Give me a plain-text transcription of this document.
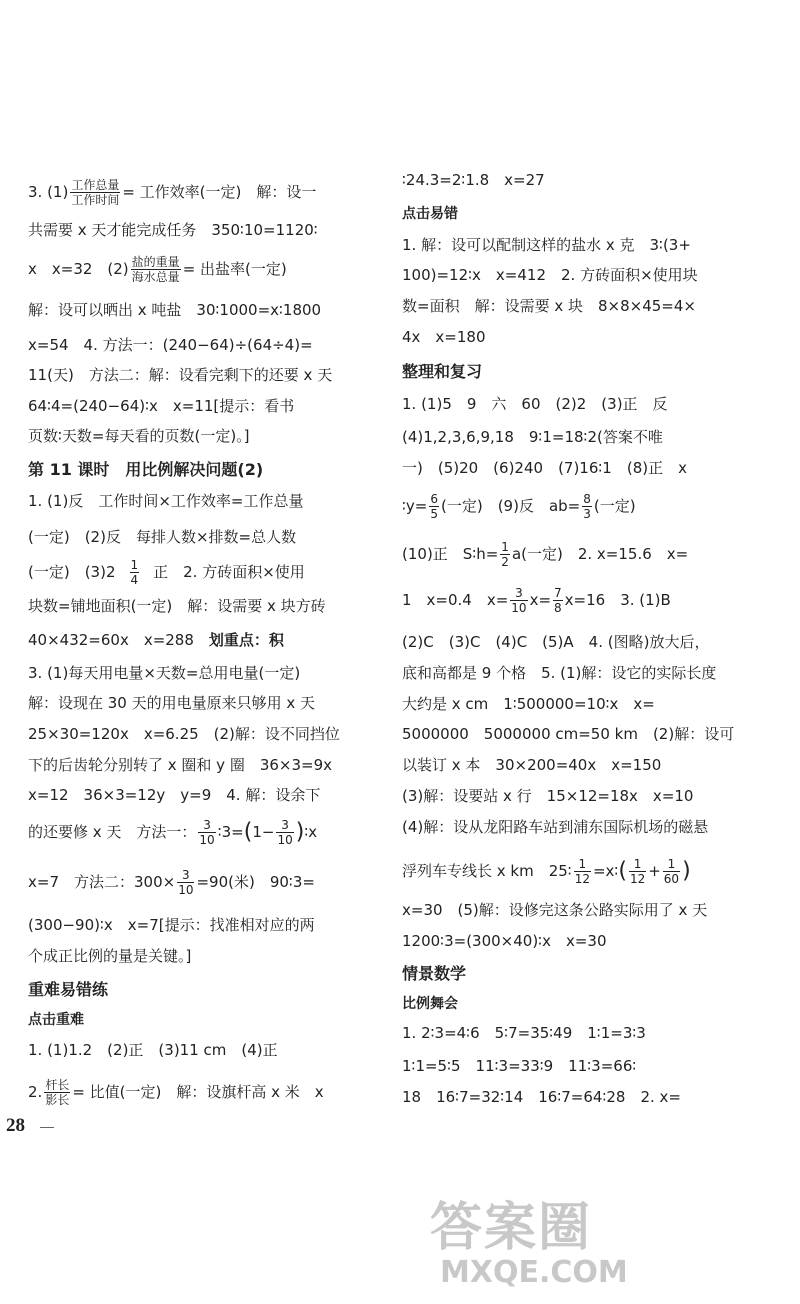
3. $(1) \frac{\text{工作总量}}{\text{工作时间}}$ = 工作效率(一定)　解：设一
共需要 x 天才能完成任务　350∶10=1120∶
x　x=32　$(2) \frac{\text{盐的重量}}{\text{海水总量}}$ = 出盐率(一定)
解：设可以晒出 x 吨盐　30∶1000=x∶1800
x=54　4. 方法一：(240−64)÷(64÷4)=
11(天)　方法二：解：设看完剩下的还要 x 天
64∶4=(240−64)∶x　x=11[提示：看书
页数∶天数=每天看的页数(一定)。]
第 11 课时　用比例解决问题(2)
1. (1)反　工作时间×工作效率=工作总量
(一定)　(2)反　每排人数×排数=总人数
(一定)　$(3)2 \frac{1}{4}$ 正　2. 方砖面积×使用
块数=铺地面积(一定)　解：设需要 x 块方砖
40×432=60x　x=288　划重点：积
3. (1)每天用电量×天数=总用电量(一定)
解：设现在 30 天的用电量原来只够用 x 天
25×30=120x　x=6.25　(2)解：设不同挡位
下的后齿轮分别转了 x 圈和 y 圈　36×3=9x
x=12　36×3=12y　y=9　4. 解：设余下
的还要修 x 天　方法一： $\frac{3}{10}$ ∶3=(1− $\frac{3}{10}$ )∶x
x=7　方法二：$300\times \frac{3}{10} =90$(米)　90∶3=
(300−90)∶x　x=7[提示：找准相对应的两
个成正比例的量是关键。]
重难易错练
点击重难
1. (1)1.2　(2)正　(3)11 cm　(4)正
2. $\frac{\text{杆长}}{\text{影长}}$ = 比值(一定)　解：设旗杆高 x 米　x
∶24.3=2∶1.8　x=27
点击易错
1. 解：设可以配制这样的盐水 x 克　3∶(3+
100)=12∶x　x=412　2. 方砖面积×使用块
数=面积　解：设需要 x 块　8×8×45=4×
4x　x=180
整理和复习
1. (1)5　9　六　60　(2)2　(3)正　反
(4)1,2,3,6,9,18　9∶1=18∶2(答案不唯
一)　(5)20　(6)240　(7)16∶1　(8)正　x
∶y= $\frac{6}{5}$ (一定)　(9)反　$ab= \frac{8}{3}$ (一定)
(10)正　S∶h= $\frac{1}{2} a$(一定)　2. x=15.6　x=
1　x=0.4　$x= \frac{3}{10} x= \frac{7}{8} x=16$　3. (1)B
(2)C　(3)C　(4)C　(5)A　4. (图略)放大后，
底和高都是 9 个格　5. (1)解：设它的实际长度
大约是 x cm　1∶500000=10∶x　x=
5000000　5000000 cm=50 km　(2)解：设可
以装订 x 本　30×200=40x　x=150
(3)解：设要站 x 行　15×12=18x　x=10
(4)解：设从龙阳路车站到浦东国际机场的磁悬
浮列车专线长 x km　25∶ $\frac{1}{12}$ =x∶( $\frac{1}{12} + \frac{1}{60}$ )
x=30　(5)解：设修完这条公路实际用了 x 天
1200∶3=(300×40)∶x　x=30
情景数学
比例舞会
1. 2∶3=4∶6　5∶7=35∶49　1∶1=3∶3
1∶1=5∶5　11∶3=33∶9　11∶3=66∶
18　16∶7=32∶14　16∶7=64∶28　2. x=
28
答案圈
MXQE.COM
